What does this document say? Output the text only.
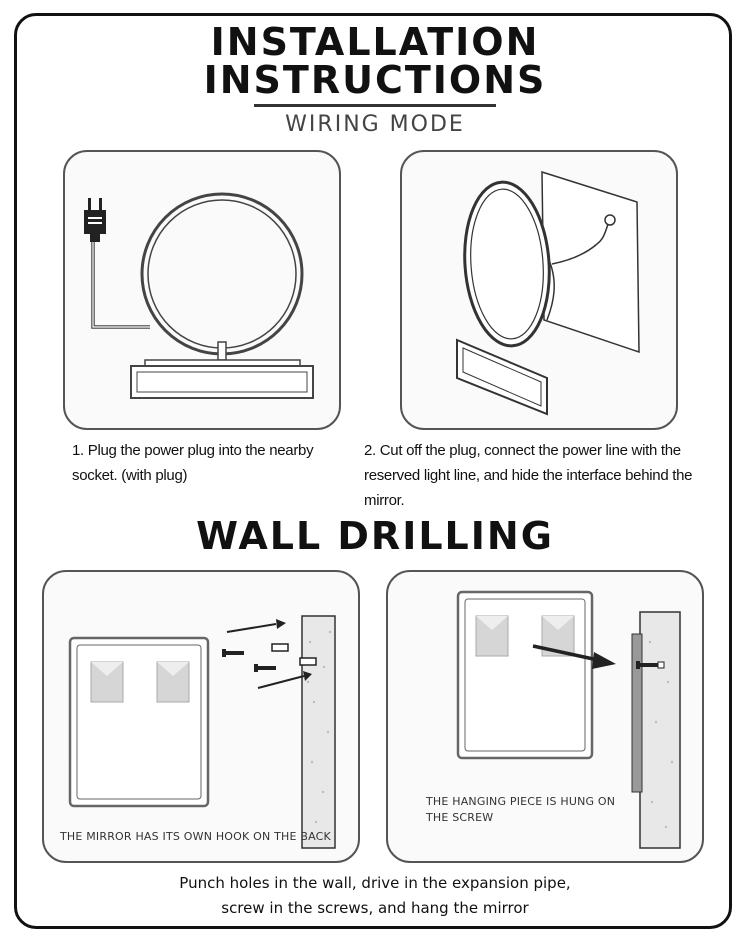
INSTALLATION
INSTRUCTIONS
WIRING MODE
1. Plug the power plug into the nearby socket. (with plug)
2. Cut off the plug, connect the power line with the reserved light line, and hide the interface behind the mirror.
WALL DRILLING
THE MIRROR HAS ITS OWN HOOK ON THE BACK
THE HANGING PIECE IS HUNG ON THE SCREW
Punch holes in the wall, drive in the expansion pipe,
screw in the screws, and hang the mirror
